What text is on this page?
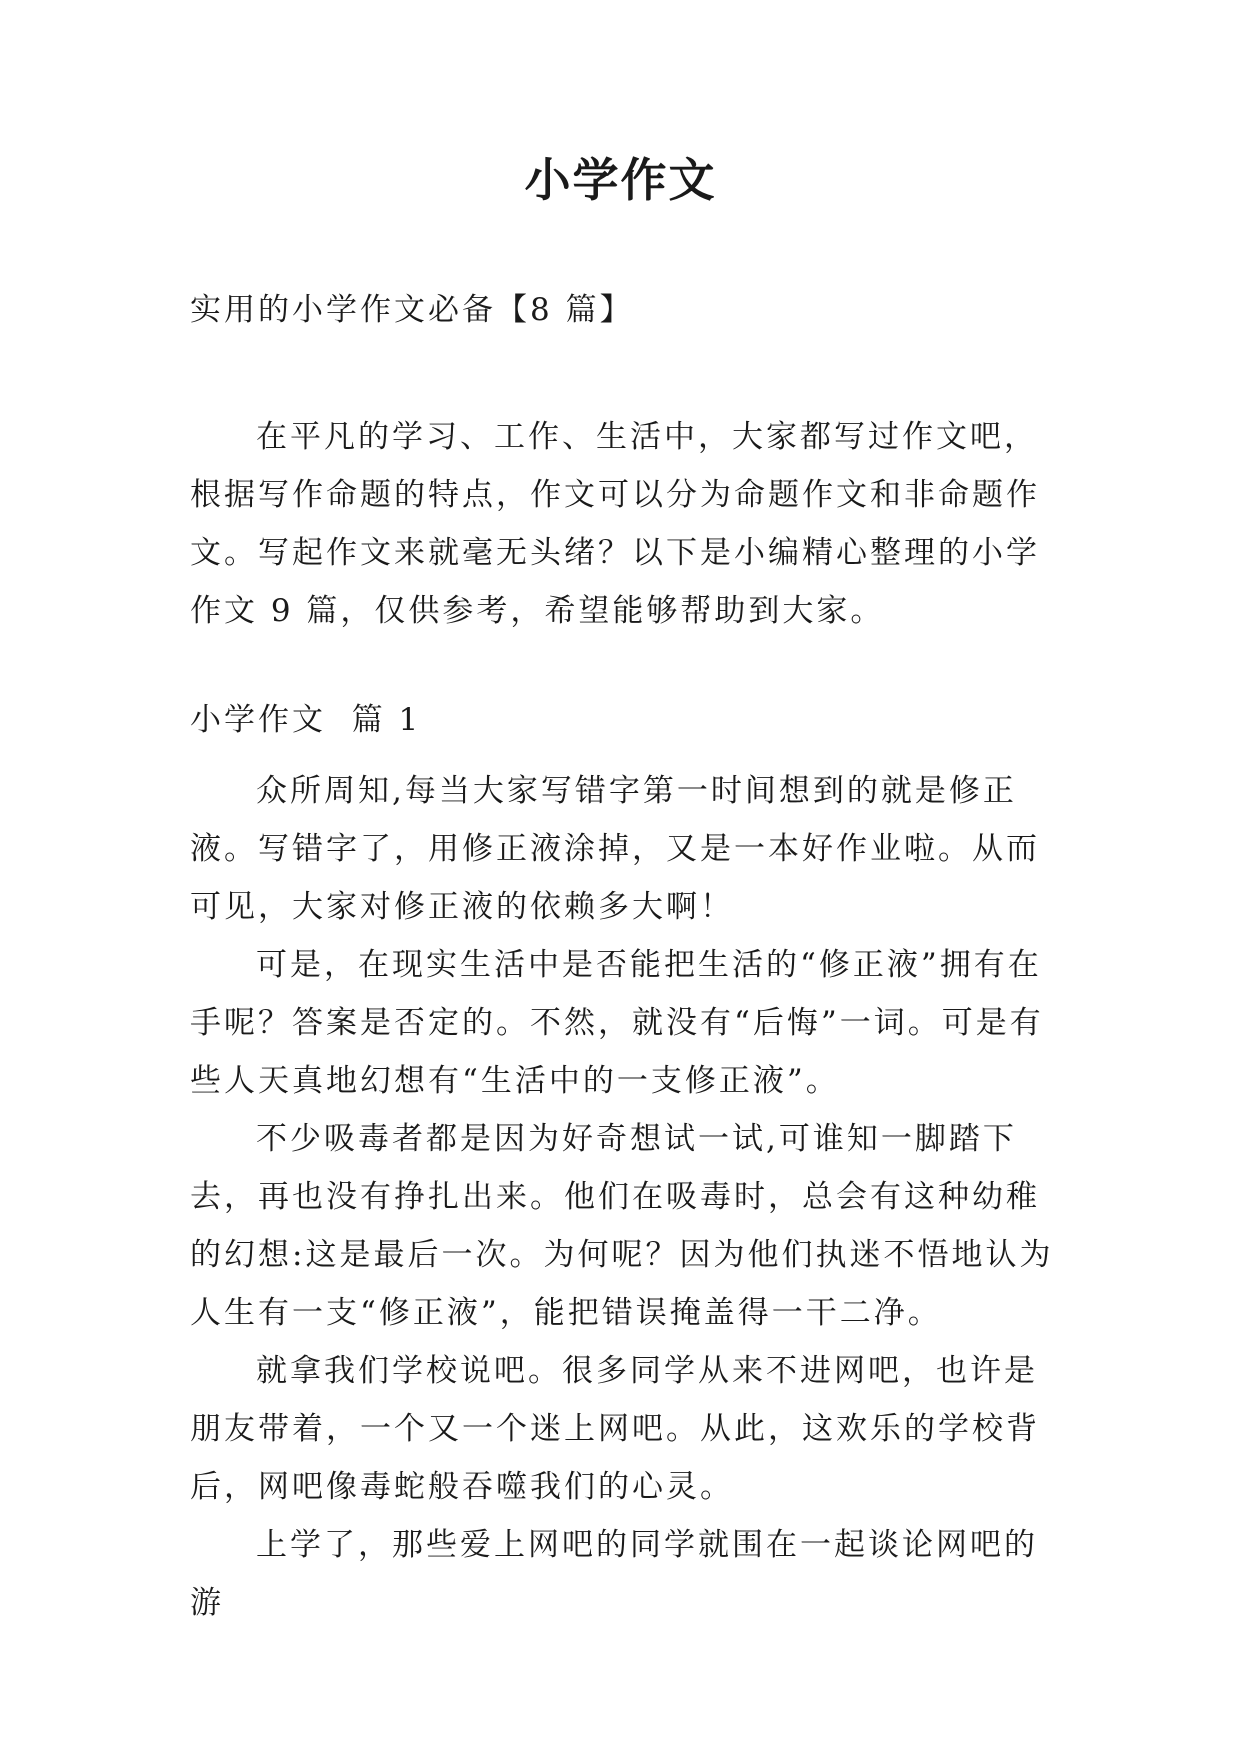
小学作文
实用的小学作文必备【8 篇】

在平凡的学习、工作、生活中，大家都写过作文吧，根据写作命题的特点，作文可以分为命题作文和非命题作文。写起作文来就毫无头绪？以下是小编精心整理的小学作文 9 篇，仅供参考，希望能够帮助到大家。

小学作文  篇 1

众所周知,每当大家写错字第一时间想到的就是修正液。写错字了，用修正液涂掉，又是一本好作业啦。从而可见，大家对修正液的依赖多大啊！

可是，在现实生活中是否能把生活的“修正液”拥有在手呢？答案是否定的。不然，就没有“后悔”一词。可是有些人天真地幻想有“生活中的一支修正液”。

不少吸毒者都是因为好奇想试一试,可谁知一脚踏下去，再也没有挣扎出来。他们在吸毒时，总会有这种幼稚的幻想:这是最后一次。为何呢？因为他们执迷不悟地认为人生有一支“修正液”，能把错误掩盖得一干二净。

就拿我们学校说吧。很多同学从来不进网吧，也许是朋友带着，一个又一个迷上网吧。从此，这欢乐的学校背后，网吧像毒蛇般吞噬我们的心灵。

上学了，那些爱上网吧的同学就围在一起谈论网吧的游
